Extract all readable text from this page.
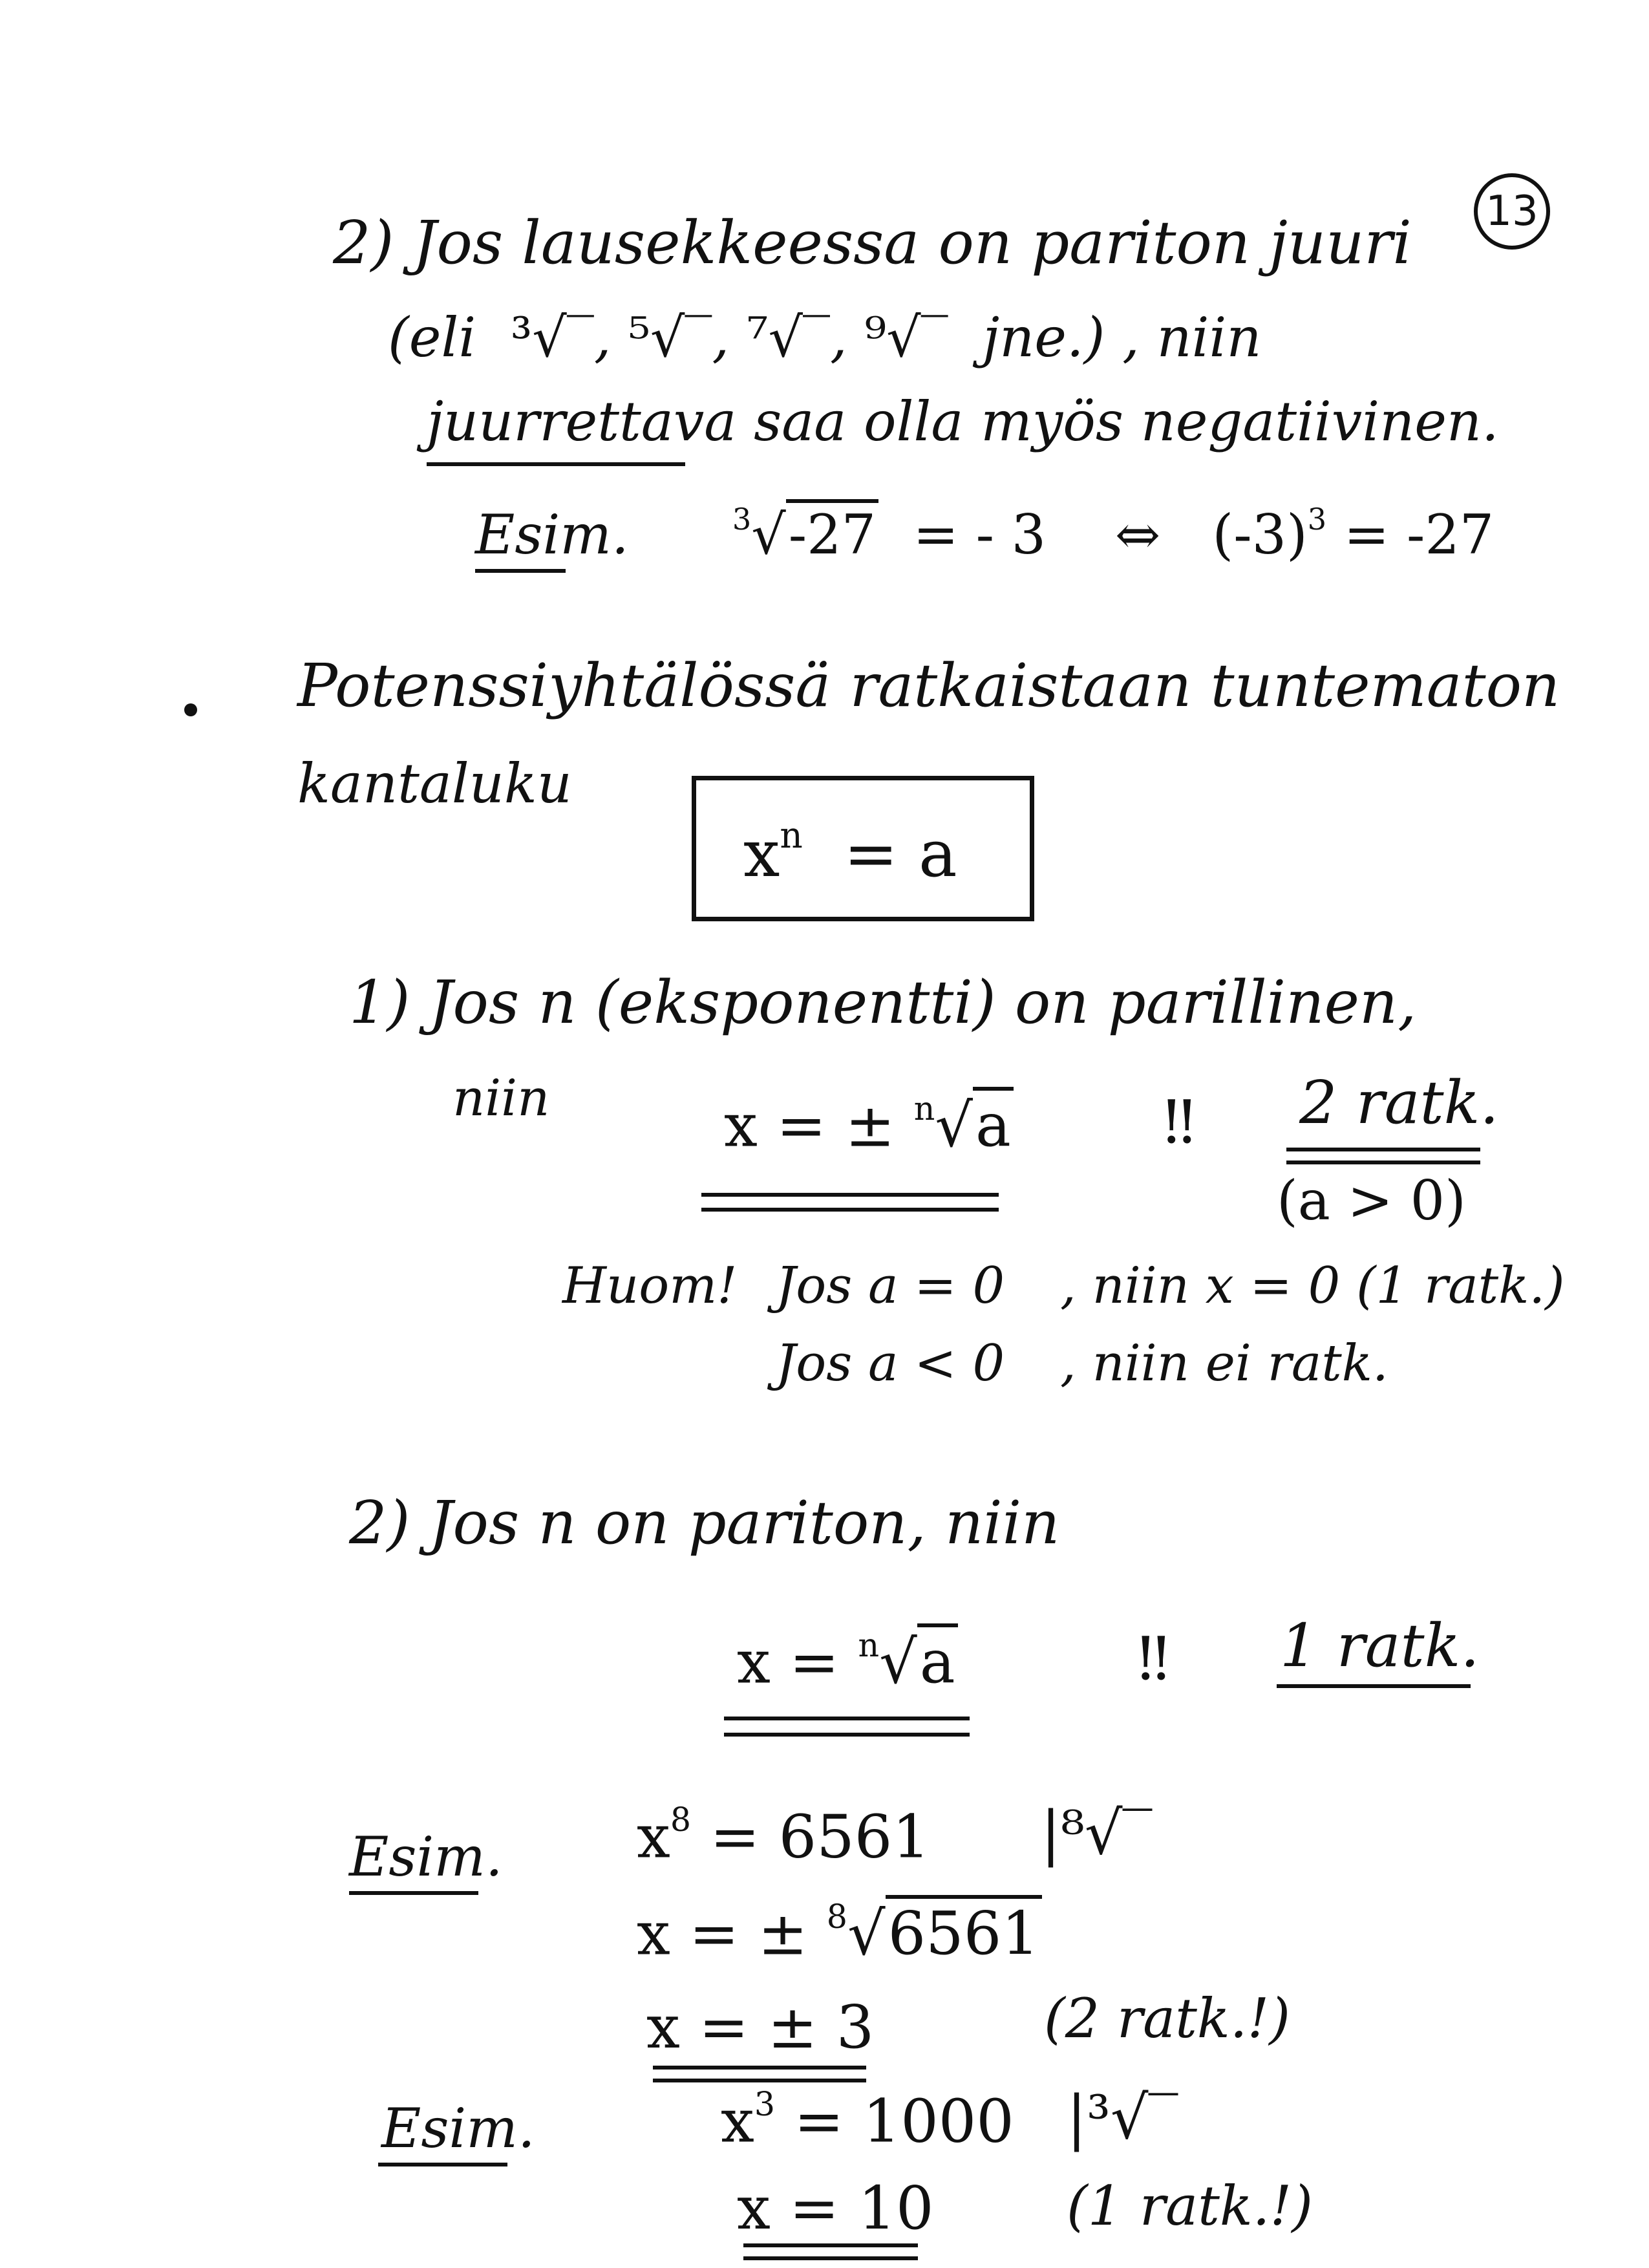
13
2) Jos lausekkeessa on pariton juuri
(eli ³√‾, ⁵√‾, ⁷√‾, ⁹√‾ jne.) , niin
juurrettava saa olla myös negatiivinen.
Esim.	$^3$√-27 = - 3 ⇔ $(-3)^3 = -27$
Potenssiyhtälössä ratkaistaan tuntematon
kantaluku
$x^n = a$
1) Jos n (eksponentti) on parillinen,
niin	x = ± $^n$√a	‼ 2 ratk.
(a > 0)
Huom! Jos a = 0 , niin x = 0 (1 ratk.)
Jos a < 0 , niin ei ratk.
2) Jos n on pariton, niin
x = $^n$√a	‼ 1 ratk.
Esim. $x^8 = 6561$ |⁸√‾
x = ± $^8$√6561
x = ± 3	(2 ratk.!)
Esim.	$x^3 = 1000$ |³√‾
x = 10 (1 ratk.!)
